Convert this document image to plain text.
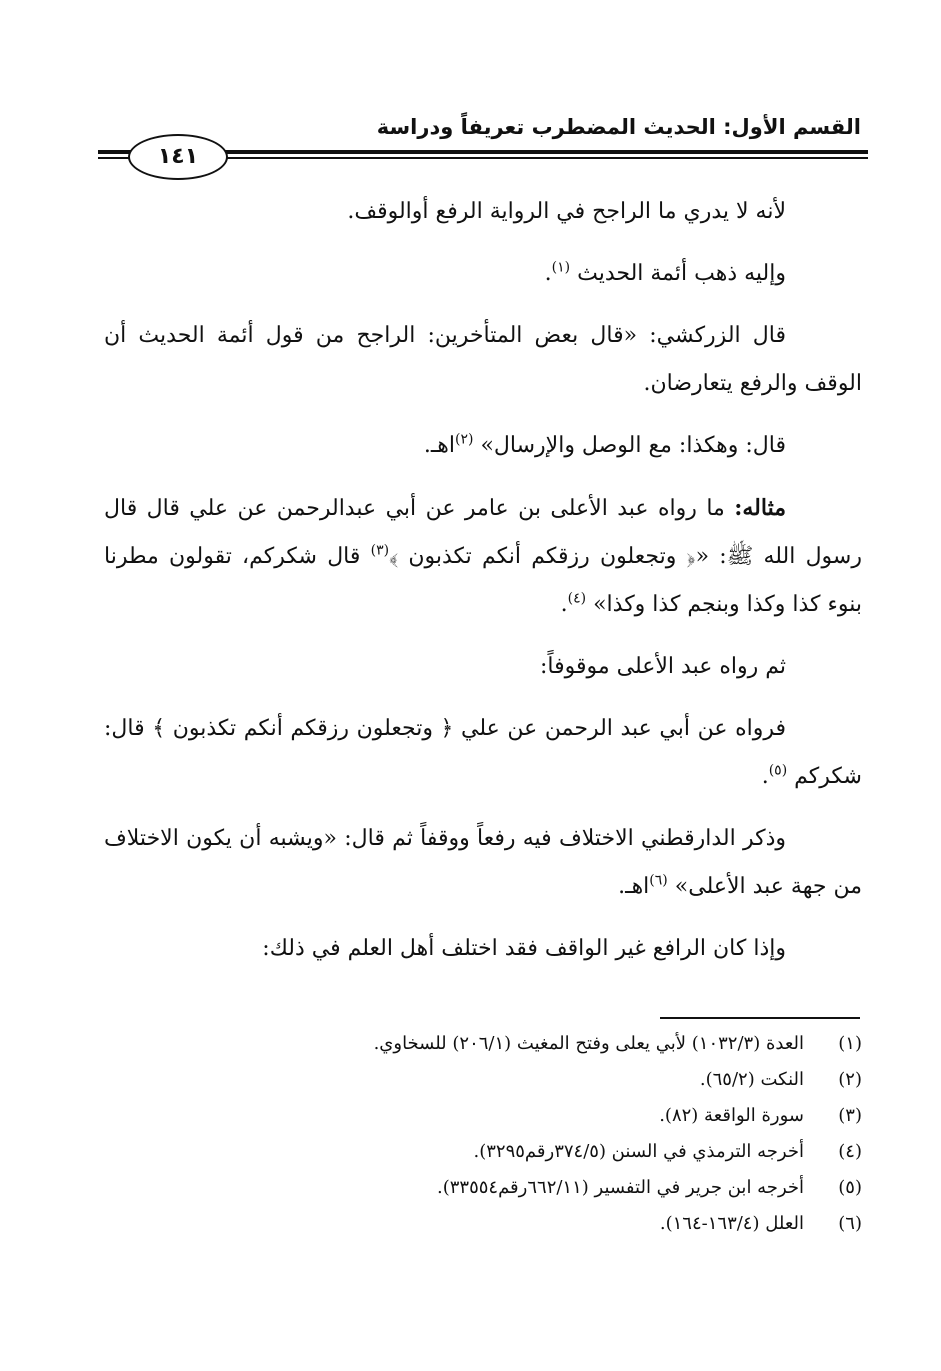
القسم الأول: الحديث المضطرب تعريفاً ودراسة
١٤١

لأنه لا يدري ما الراجح في الرواية الرفع أوالوقف.

وإليه ذهب أئمة الحديث $^{(١)}$.

قال الزركشي: «قال بعض المتأخرين: الراجح من قول أئمة الحديث أن الوقف والرفع يتعارضان.

قال: وهكذا: مع الوصل والإرسال» $^{(٢)}$اهـ.

مثاله: ما رواه عبد الأعلى بن عامر عن أبي عبدالرحمن عن علي قال قال رسول الله ﷺ: «﴿ وتجعلون رزقكم أنكم تكذبون ﴾$^{(٣)}$ قال شكركم، تقولون مطرنا بنوء كذا وكذا وبنجم كذا وكذا» $^{(٤)}$.

ثم رواه عبد الأعلى موقوفاً:

فرواه عن أبي عبد الرحمن عن علي ﴿ وتجعلون رزقكم أنكم تكذبون ﴾ قال: شكركم $^{(٥)}$.

وذكر الدارقطني الاختلاف فيه رفعاً ووقفاً ثم قال: «ويشبه أن يكون الاختلاف من جهة عبد الأعلى» $^{(٦)}$اهـ.

وإذا كان الرافع غير الواقف فقد اختلف أهل العلم في ذلك:

(١)العدة (١٠٣٢/٣) لأبي يعلى وفتح المغيث (٢٠٦/١) للسخاوي.
(٢)النكت (٦٥/٢).
(٣)سورة الواقعة (٨٢).
(٤)أخرجه الترمذي في السنن (٣٧٤/٥رقم٣٢٩٥).
(٥)أخرجه ابن جرير في التفسير (٦٦٢/١١رقم٣٣٥٥٤).
(٦)العلل (١٦٣/٤-١٦٤).
